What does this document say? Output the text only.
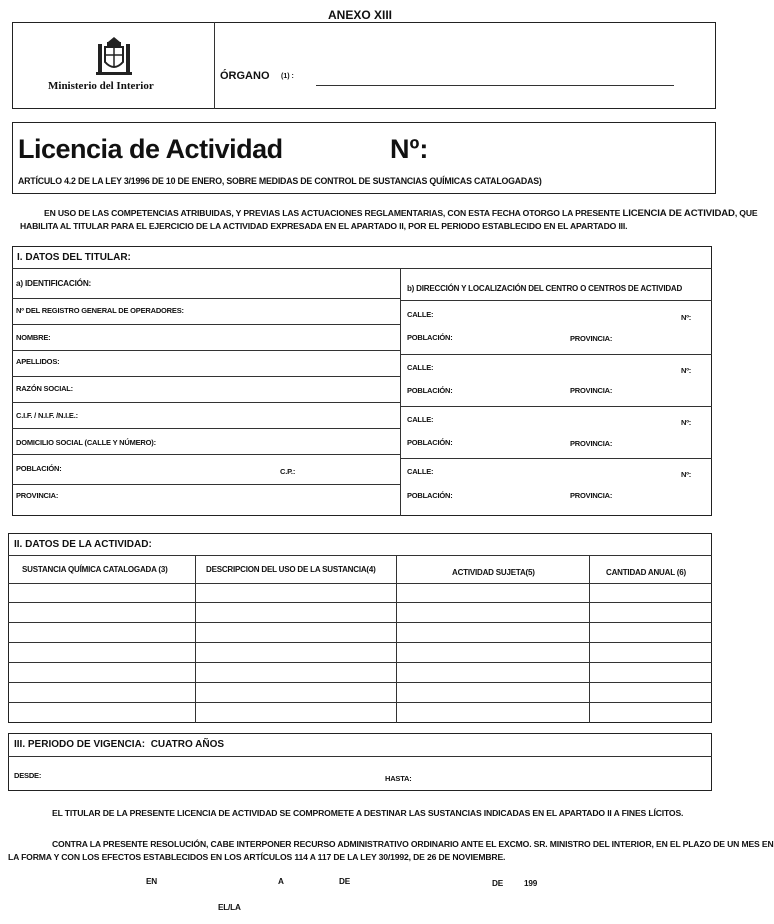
ANEXO XIII
Ministerio del Interior
ÓRGANO (1) :
Licencia de Actividad	Nº:
ARTÍCULO 4.2 DE LA LEY 3/1996 DE 10 DE ENERO, SOBRE MEDIDAS DE CONTROL DE SUSTANCIAS QUÍMICAS CATALOGADAS)
EN USO DE LAS COMPETENCIAS ATRIBUIDAS, Y PREVIAS LAS ACTUACIONES REGLAMENTARIAS, CON ESTA FECHA OTORGO LA PRESENTE LICENCIA DE ACTIVIDAD, QUE
HABILITA AL TITULAR PARA EL EJERCICIO DE LA ACTIVIDAD EXPRESADA EN EL APARTADO II, POR EL PERIODO ESTABLECIDO EN EL APARTADO III.
I. DATOS DEL TITULAR:
a) IDENTIFICACIÓN:
b) DIRECCIÓN Y LOCALIZACIÓN DEL CENTRO O CENTROS DE ACTIVIDAD
Nº DEL REGISTRO GENERAL DE OPERADORES:
NOMBRE:
APELLIDOS:
RAZÓN SOCIAL:
C.I.F. / N.I.F. /N.I.E.:
DOMICILIO SOCIAL (CALLE Y NÚMERO):
POBLACIÓN:	C.P.:
PROVINCIA:
CALLE:	Nº:
POBLACIÓN:	PROVINCIA:
CALLE:	Nº:
POBLACIÓN:	PROVINCIA:
CALLE:	Nº:
POBLACIÓN:	PROVINCIA:
CALLE:	Nº:
POBLACIÓN:	PROVINCIA:
II. DATOS DE LA ACTIVIDAD:
SUSTANCIA QUÍMICA CATALOGADA (3)	DESCRIPCION DEL USO DE LA SUSTANCIA(4)	ACTIVIDAD SUJETA(5)	CANTIDAD ANUAL (6)
III. PERIODO DE VIGENCIA: CUATRO AÑOS
DESDE:	HASTA:
EL TITULAR DE LA PRESENTE LICENCIA DE ACTIVIDAD SE COMPROMETE A DESTINAR LAS SUSTANCIAS INDICADAS EN EL APARTADO II A FINES LÍCITOS.
CONTRA LA PRESENTE RESOLUCIÓN, CABE INTERPONER RECURSO ADMINISTRATIVO ORDINARIO ANTE EL EXCMO. SR. MINISTRO DEL INTERIOR, EN EL PLAZO DE UN MES EN
LA FORMA Y CON LOS EFECTOS ESTABLECIDOS EN LOS ARTÍCULOS 114 A 117 DE LA LEY 30/1992, DE 26 DE NOVIEMBRE.
EN	A	DE	DE	199
EL/LA
